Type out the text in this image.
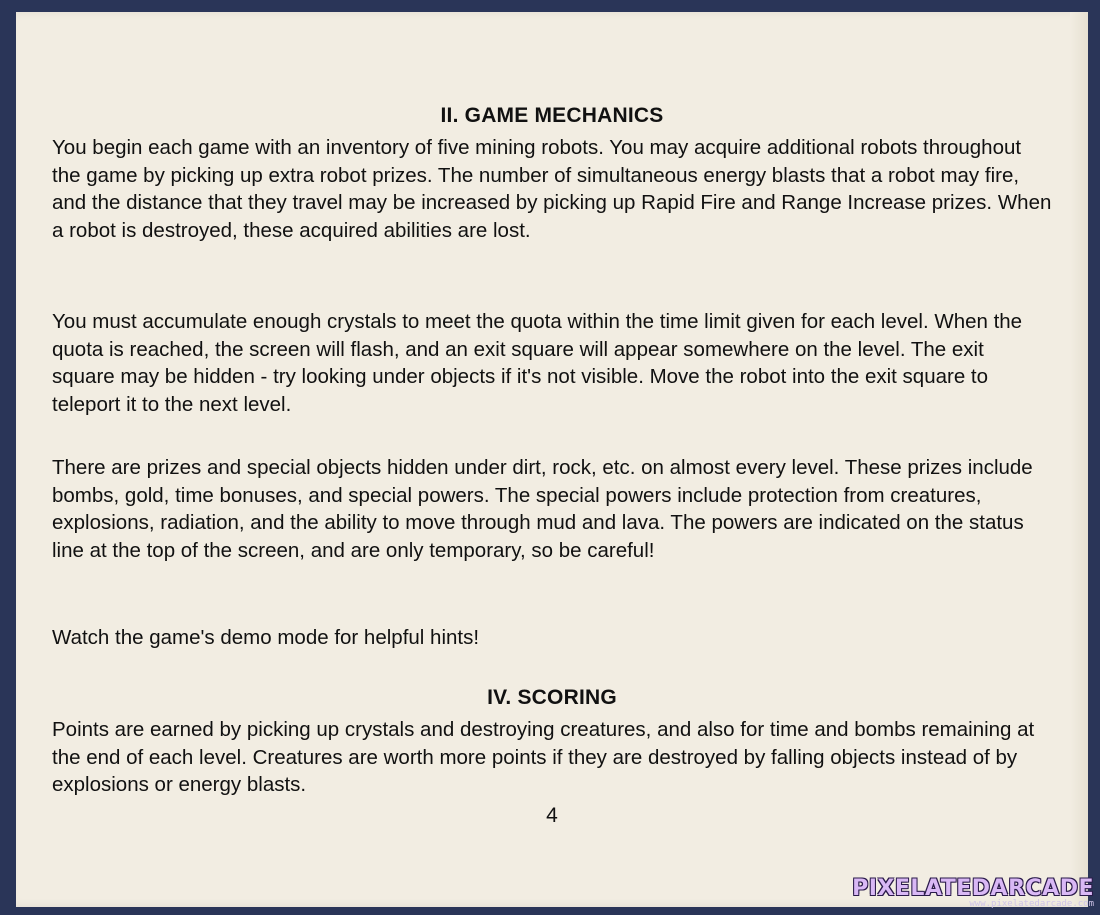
II. GAME MECHANICS
You begin each game with an inventory of five mining robots. You may acquire additional robots throughout the game by picking up extra robot prizes. The number of simultaneous energy blasts that a robot may fire, and the distance that they travel may be increased by picking up Rapid Fire and Range Increase prizes. When a robot is destroyed, these acquired abilities are lost.
You must accumulate enough crystals to meet the quota within the time limit given for each level. When the quota is reached, the screen will flash, and an exit square will appear somewhere on the level. The exit square may be hidden - try looking under objects if it's not visible. Move the robot into the exit square to teleport it to the next level.
There are prizes and special objects hidden under dirt, rock, etc. on almost every level. These prizes include bombs, gold, time bonuses, and special powers. The special powers include protection from creatures, explosions, radiation, and the ability to move through mud and lava. The powers are indicated on the status line at the top of the screen, and are only temporary, so be careful!
Watch the game's demo mode for helpful hints!
IV. SCORING
Points are earned by picking up crystals and destroying creatures, and also for time and bombs remaining at the end of each level. Creatures are worth more points if they are destroyed by falling objects instead of by explosions or energy blasts.
4
PIXELATEDARCADE
www.pixelatedarcade.com
